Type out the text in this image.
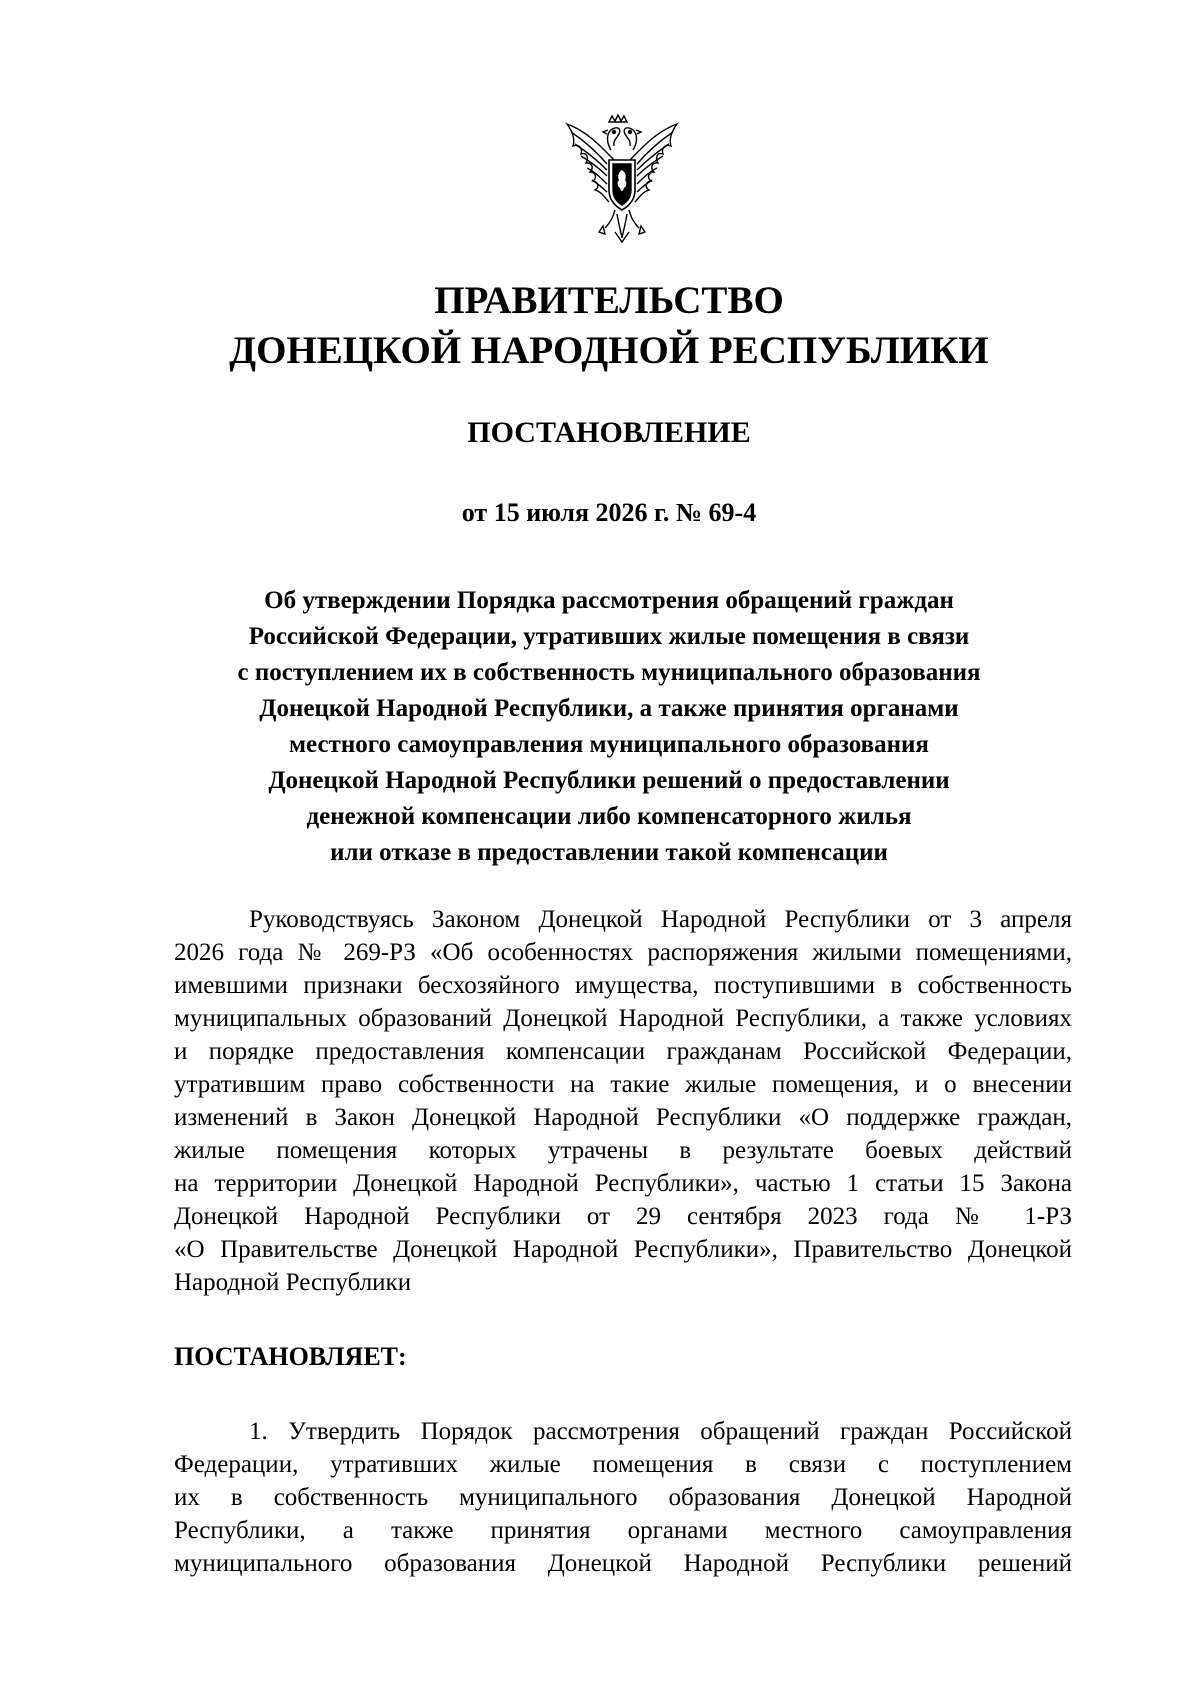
ПРАВИТЕЛЬСТВО
ДОНЕЦКОЙ НАРОДНОЙ РЕСПУБЛИКИ
ПОСТАНОВЛЕНИЕ
от 15 июля 2026 г. № 69-4
Об утверждении Порядка рассмотрения обращений граждан
Российской Федерации, утративших жилые помещения в связи
с поступлением их в собственность муниципального образования
Донецкой Народной Республики, а также принятия органами
местного самоуправления муниципального образования
Донецкой Народной Республики решений о предоставлении
денежной компенсации либо компенсаторного жилья
или отказе в предоставлении такой компенсации
Руководствуясь Законом Донецкой Народной Республики от 3 апреля
2026 года № 269-РЗ «Об особенностях распоряжения жилыми помещениями,
имевшими признаки бесхозяйного имущества, поступившими в собственность
муниципальных образований Донецкой Народной Республики, а также условиях
и порядке предоставления компенсации гражданам Российской Федерации,
утратившим право собственности на такие жилые помещения, и о внесении
изменений в Закон Донецкой Народной Республики «О поддержке граждан,
жилые помещения которых утрачены в результате боевых действий
на территории Донецкой Народной Республики», частью 1 статьи 15 Закона
Донецкой Народной Республики от 29 сентября 2023 года № 1-РЗ
«О Правительстве Донецкой Народной Республики», Правительство Донецкой
Народной Республики
ПОСТАНОВЛЯЕТ:
1. Утвердить Порядок рассмотрения обращений граждан Российской
Федерации, утративших жилые помещения в связи с поступлением
их в собственность муниципального образования Донецкой Народной
Республики, а также принятия органами местного самоуправления
муниципального образования Донецкой Народной Республики решений
